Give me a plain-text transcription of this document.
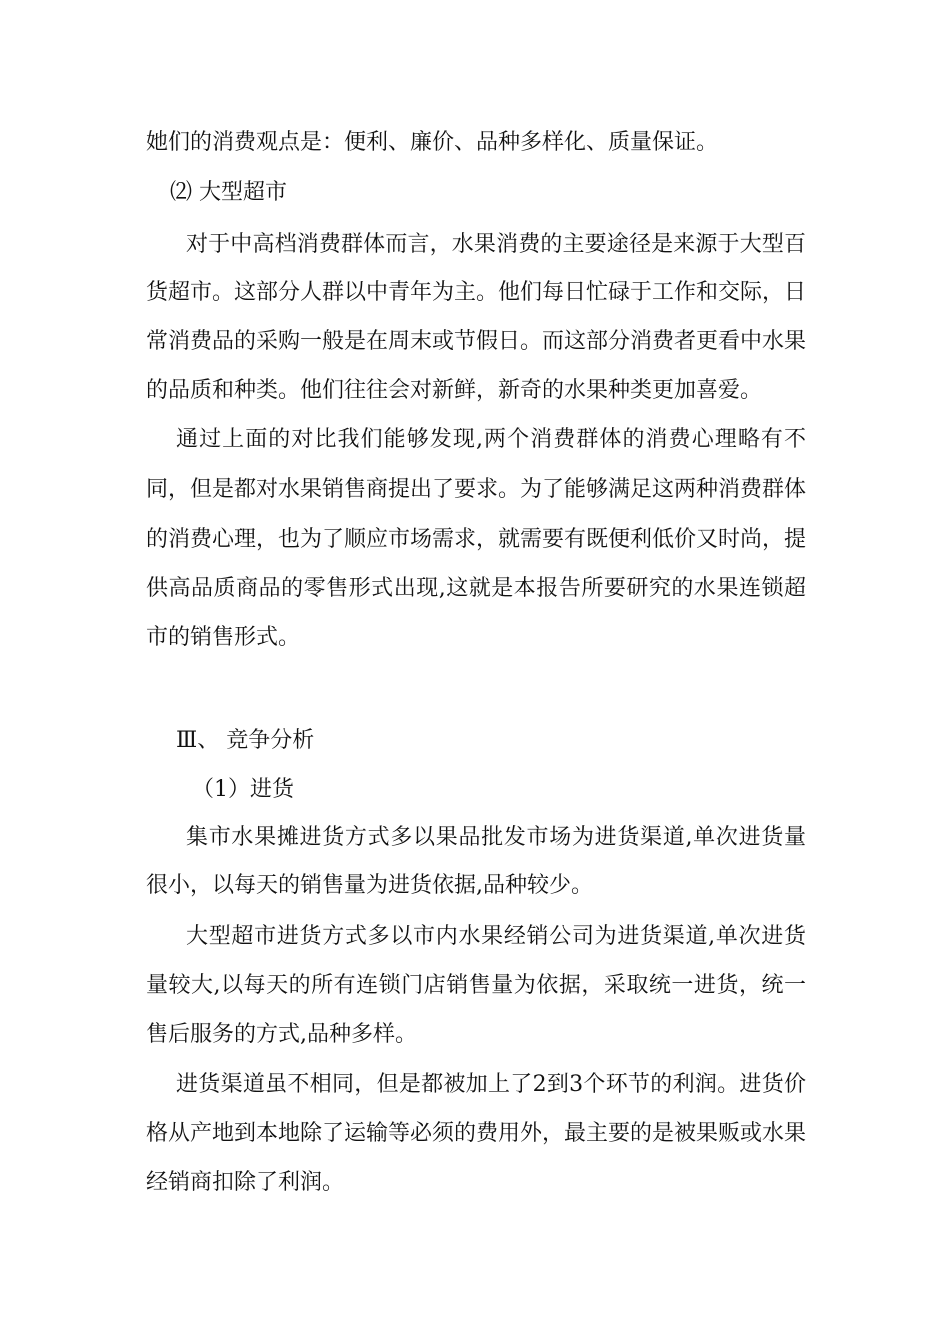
她们的消费观点是：便利、廉价、品种多样化、质量保证。
⑵ 大型超市
对于中高档消费群体而言，水果消费的主要途径是来源于大型百
货超市。这部分人群以中青年为主。他们每日忙碌于工作和交际，日
常消费品的采购一般是在周末或节假日。而这部分消费者更看中水果
的品质和种类。他们往往会对新鲜，新奇的水果种类更加喜爱。
通过上面的对比我们能够发现,两个消费群体的消费心理略有不
同，但是都对水果销售商提出了要求。为了能够满足这两种消费群体
的消费心理，也为了顺应市场需求，就需要有既便利低价又时尚，提
供高品质商品的零售形式出现,这就是本报告所要研究的水果连锁超
市的销售形式。
Ⅲ、 竞争分析
（1）进货
集市水果摊进货方式多以果品批发市场为进货渠道,单次进货量
很小，以每天的销售量为进货依据,品种较少。
大型超市进货方式多以市内水果经销公司为进货渠道,单次进货
量较大,以每天的所有连锁门店销售量为依据，采取统一进货，统一
售后服务的方式,品种多样。
进货渠道虽不相同，但是都被加上了2到3个环节的利润。进货价
格从产地到本地除了运输等必须的费用外，最主要的是被果贩或水果
经销商扣除了利润。
